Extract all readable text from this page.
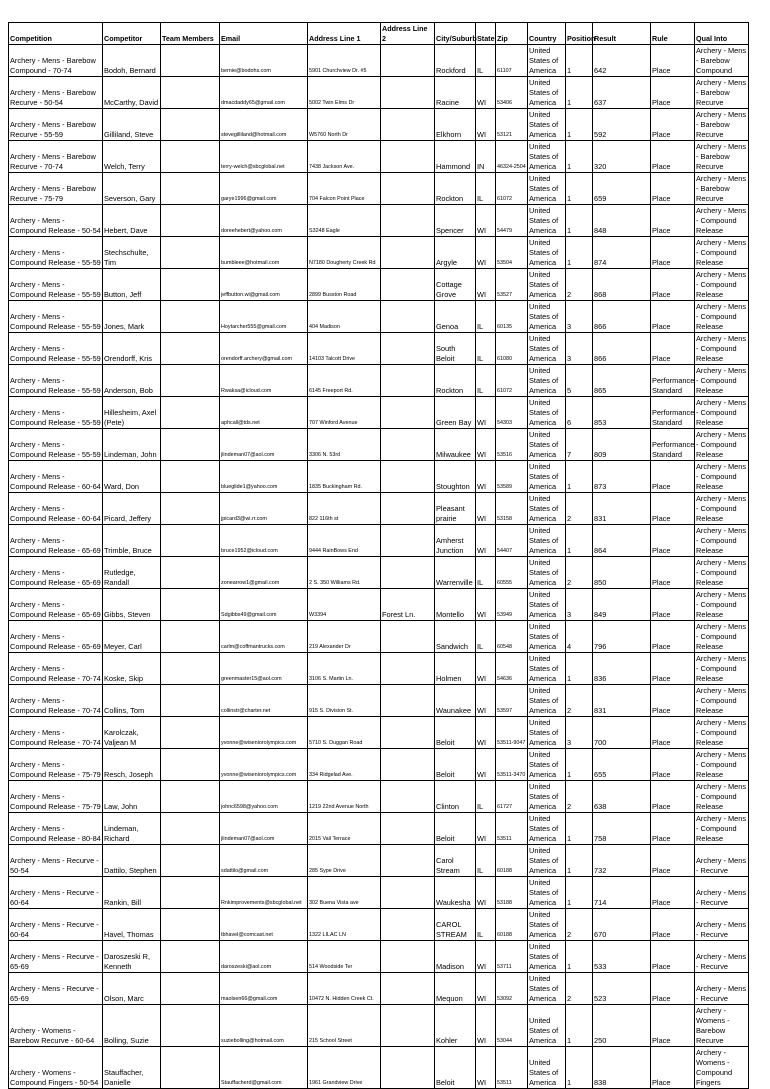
Competition	Competitor	Team Members	Email	Address Line 1	Address Line 2	City/Suburb	State	Zip	Country	Position	Result	Rule	Qual Into
Archery - Mens - Barebow Compound - 70-74	Bodoh, Bernard		bernie@bodohs.com	5901 Churchview Dr. #5		Rockford	IL	61107	United States of America	1	642	Place	Archery - Mens - Barebow Compound
Archery - Mens - Barebow Recurve - 50-54	McCarthy, David		dmacdaddy65@gmail.com	5002 Twin Elms Dr		Racine	WI	53406	United States of America	1	637	Place	Archery - Mens - Barebow Recurve
Archery - Mens - Barebow Recurve - 55-59	Gilliland, Steve		stevegilliland@hotmail.com	W5760 North Dr		Elkhorn	WI	53121	United States of America	1	592	Place	Archery - Mens - Barebow Recurve
Archery - Mens - Barebow Recurve - 70-74	Welch, Terry		terry-welch@sbcglobal.net	7438 Jackson Ave.		Hammond	IN	46324-2504	United States of America	1	320	Place	Archery - Mens - Barebow Recurve
Archery - Mens - Barebow Recurve - 75-79	Severson, Gary		garye1996@gmail.com	704 Falcon Point Place		Rockton	IL	61072	United States of America	1	659	Place	Archery - Mens - Barebow Recurve
Archery - Mens - Compound Release - 50-54	Hebert, Dave		doreehebert@yahoo.com	S3248 Eagle		Spencer	WI	54479	United States of America	1	848	Place	Archery - Mens - Compound Release
Archery - Mens - Compound Release - 55-59	Stechschulte, Tim		bumbleee@hotmail.com	N7180 Dougherty Creek Rd		Argyle	WI	53504	United States of America	1	874	Place	Archery - Mens - Compound Release
Archery - Mens - Compound Release - 55-59	Button, Jeff		jeffbutton.wi@gmail.com	2899 Busston Road		Cottage Grove	WI	53527	United States of America	2	868	Place	Archery - Mens - Compound Release
Archery - Mens - Compound Release - 55-59	Jones, Mark		Hoytarcher555@gmail.com	404 Madison		Genoa	IL	60135	United States of America	3	866	Place	Archery - Mens - Compound Release
Archery - Mens - Compound Release - 55-59	Orendorff, Kris		orendorff.archery@gmail.com	14103 Talcott Drive		South Beloit	IL	61080	United States of America	3	866	Place	Archery - Mens - Compound Release
Archery - Mens - Compound Release - 55-59	Anderson, Bob		Rwaksa@icloud.com	6145 Freeport Rd.		Rockton	IL	61072	United States of America	5	865	Performance Standard	Archery - Mens - Compound Release
Archery - Mens - Compound Release - 55-59	Hillesheim, Axel (Pete)		aphcall@tds.net	707 Winford Avenue		Green Bay	WI	54303	United States of America	6	853	Performance Standard	Archery - Mens - Compound Release
Archery - Mens - Compound Release - 55-59	Lindeman, John		jlindeman07@aol.com	3306 N. 53rd		Milwaukee	WI	53516	United States of America	7	809	Performance Standard	Archery - Mens - Compound Release
Archery - Mens - Compound Release - 60-64	Ward, Don		blueglide1@yahoo.com	1835 Buckingham Rd.		Stoughton	WI	53589	United States of America	1	873	Place	Archery - Mens - Compound Release
Archery - Mens - Compound Release - 60-64	Picard, Jeffery		jpicard3@wi.rr.com	822 116th st		Pleasant prairie	WI	53158	United States of America	2	831	Place	Archery - Mens - Compound Release
Archery - Mens - Compound Release - 65-69	Trimble, Bruce		bruce1952@icloud.com	9444 RainBows End		Amherst Junction	WI	54407	United States of America	1	864	Place	Archery - Mens - Compound Release
Archery - Mens - Compound Release - 65-69	Rutledge, Randall		zonearrow1@gmail.com	2 S. 350 Williams Rd.		Warrenville	IL	60555	United States of America	2	850	Place	Archery - Mens - Compound Release
Archery - Mens - Compound Release - 65-69	Gibbs, Steven		Sdgibbs49@gmail.com	W3394	Forest Ln.	Montello	WI	53949	United States of America	3	849	Place	Archery - Mens - Compound Release
Archery - Mens - Compound Release - 65-69	Meyer, Carl		carlm@coffmantrucks.com	219 Alexander Dr		Sandwich	IL	60548	United States of America	4	796	Place	Archery - Mens - Compound Release
Archery - Mens - Compound Release - 70-74	Koske, Skip		greenmaster15@aol.com	3106 S. Martin Ln.		Holmen	WI	54636	United States of America	1	836	Place	Archery - Mens - Compound Release
Archery - Mens - Compound Release - 70-74	Collins, Tom		collinstr@charter.net	915 S. Division St.		Waunakee	WI	53597	United States of America	2	831	Place	Archery - Mens - Compound Release
Archery - Mens - Compound Release - 70-74	Karolczak, Valjean M		yvonne@wiseniorolympics.com	5710 S. Duggan Road		Beloit	WI	53511-9047	United States of America	3	700	Place	Archery - Mens - Compound Release
Archery - Mens - Compound Release - 75-79	Resch, Joseph		yvonne@wiseniorolympics.com	334 Ridgelad Ave.		Beloit	WI	53511-3470	United States of America	1	655	Place	Archery - Mens - Compound Release
Archery - Mens - Compound Release - 75-79	Law, John		johnc6598@yahoo.com	1219 22nd Avenue North		Clinton	IL	61727	United States of America	2	638	Place	Archery - Mens - Compound Release
Archery - Mens - Compound Release - 80-84	Lindeman, Richard		jlindeman07@aol.com	2015 Vail Terrace		Beloit	WI	53511	United States of America	1	758	Place	Archery - Mens - Compound Release
Archery - Mens - Recurve - 50-54	Dattilo, Stephen		sdattilo@gmail.com	285 Sype Drive		Carol Stream	IL	60188	United States of America	1	732	Place	Archery - Mens - Recurve
Archery - Mens - Recurve - 60-64	Rankin, Bill		Rnkimprovements@sbcglobal.net	302 Buena Vista ave		Waukesha	WI	53188	United States of America	1	714	Place	Archery - Mens - Recurve
Archery - Mens - Recurve - 60-64	Havel, Thomas		tbhavel@comcast.net	1322 LILAC LN		CAROL STREAM	IL	60188	United States of America	2	670	Place	Archery - Mens - Recurve
Archery - Mens - Recurve - 65-69	Daroszeski R, Kenneth		daroszeski@aol.com	514 Woodside Ter		Madison	WI	53711	United States of America	1	533	Place	Archery - Mens - Recurve
Archery - Mens - Recurve - 65-69	Olson, Marc		maolsen66@gmail.com	10472 N. Hidden Creek Ct.		Mequon	WI	53092	United States of America	2	523	Place	Archery - Mens - Recurve
Archery - Womens - Barebow Recurve - 60-64	Bolling, Suzie		suziebolling@hotmail.com	215 School Street		Kohler	WI	53044	United States of America	1	250	Place	Archery - Womens - Barebow Recurve
Archery - Womens - Compound Fingers - 50-54	Stauffacher, Danielle		Stauffacherd@gmail.com	1961 Grandview Drive		Beloit	WI	53511	United States of America	1	838	Place	Archery - Womens - Compound Fingers
